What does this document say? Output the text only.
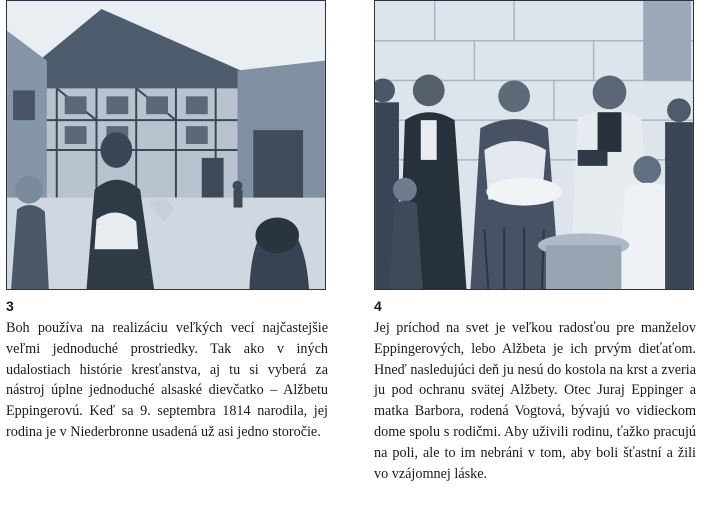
3

Boh používa na realizáciu veľkých vecí najčastejšie veľmi jednoduché prostriedky. Tak ako v iných udalostiach histórie kresťanstva, aj tu si vyberá za nástroj úplne jednoduché alsaské dievčatko – Alžbetu Eppingerovú. Keď sa 9. septembra 1814 narodila, jej rodina je v Niederbronne usadená už asi jedno storočie.

4

Jej príchod na svet je veľkou radosťou pre manželov Eppingerových, lebo Alžbeta je ich prvým dieťaťom. Hneď nasledujúci deň ju nesú do kostola na krst a zveria ju pod ochranu svätej Alžbety. Otec Juraj Eppinger a matka Barbora, rodená Vogtová, bývajú vo vidieckom dome spolu s rodičmi. Aby uživili rodinu, ťažko pracujú na poli, ale to im nebráni v tom, aby boli šťastní a žili vo vzájomnej láske.
